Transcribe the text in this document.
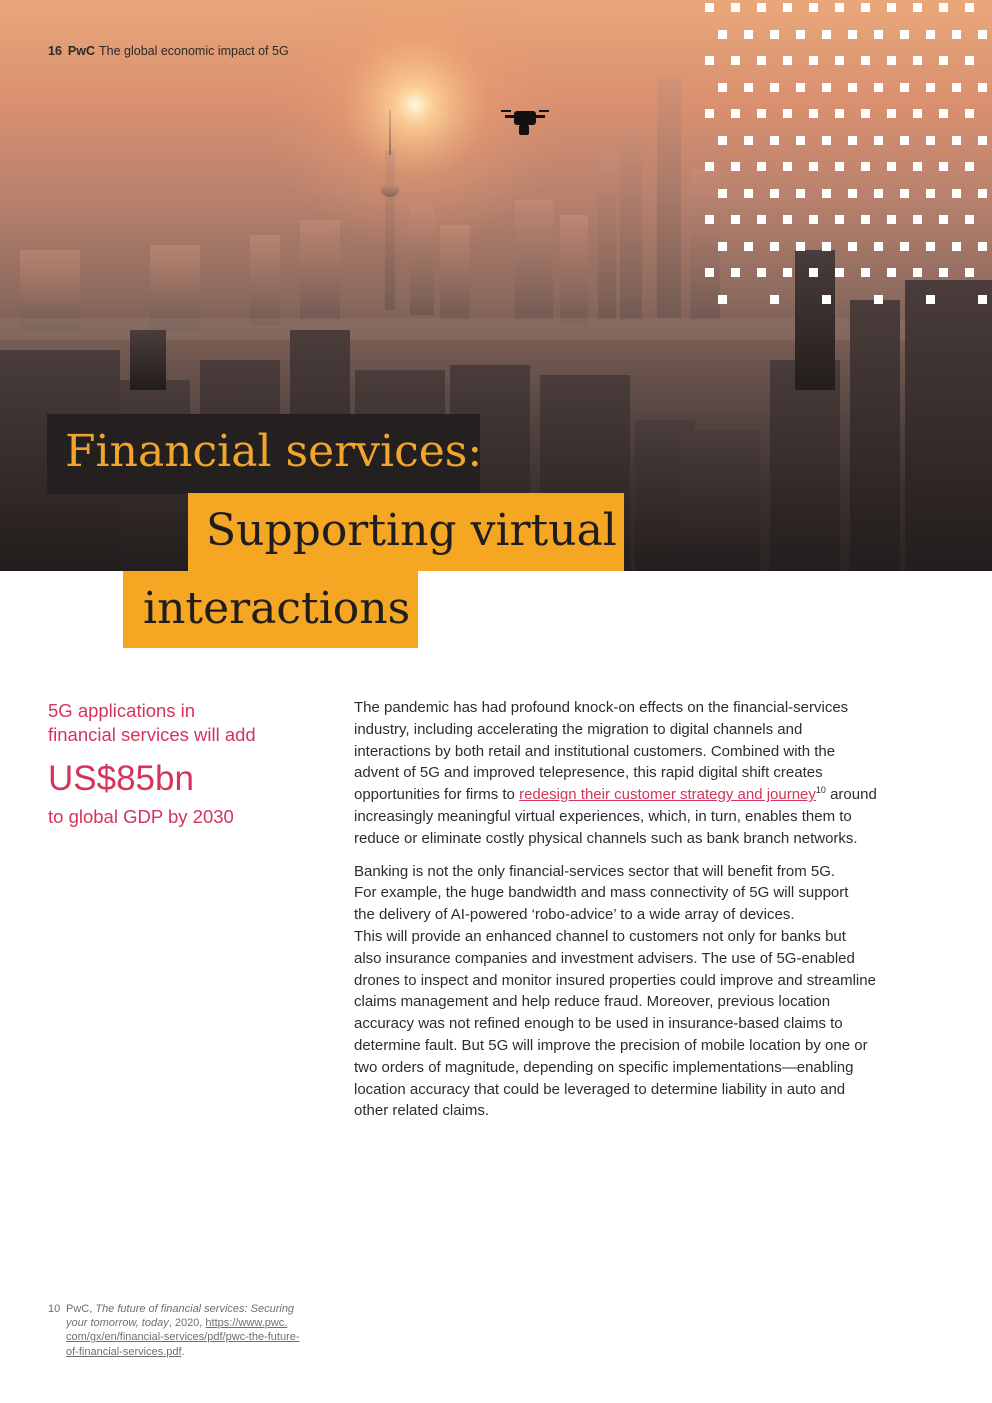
16 PwC The global economic impact of 5G
Financial services:
Supporting virtual
interactions
5G applications in
financial services will add
US$85bn
to global GDP by 2030

The pandemic has had profound knock-on effects on the financial-services
industry, including accelerating the migration to digital channels and
interactions by both retail and institutional customers. Combined with the
advent of 5G and improved telepresence, this rapid digital shift creates
opportunities for firms to redesign their customer strategy and journey$^{10}$ around
increasingly meaningful virtual experiences, which, in turn, enables them to
reduce or eliminate costly physical channels such as bank branch networks.

Banking is not the only financial-services sector that will benefit from 5G.
For example, the huge bandwidth and mass connectivity of 5G will support
the delivery of AI-powered ‘robo-advice’ to a wide array of devices.
This will provide an enhanced channel to customers not only for banks but
also insurance companies and investment advisers. The use of 5G-enabled
drones to inspect and monitor insured properties could improve and streamline
claims management and help reduce fraud. Moreover, previous location
accuracy was not refined enough to be used in insurance-based claims to
determine fault. But 5G will improve the precision of mobile location by one or
two orders of magnitude, depending on specific implementations—enabling
location accuracy that could be leveraged to determine liability in auto and
other related claims.

10 PwC, The future of financial services: Securing
your tomorrow, today, 2020, https://www.pwc.
com/gx/en/financial-services/pdf/pwc-the-future-
of-financial-services.pdf.
